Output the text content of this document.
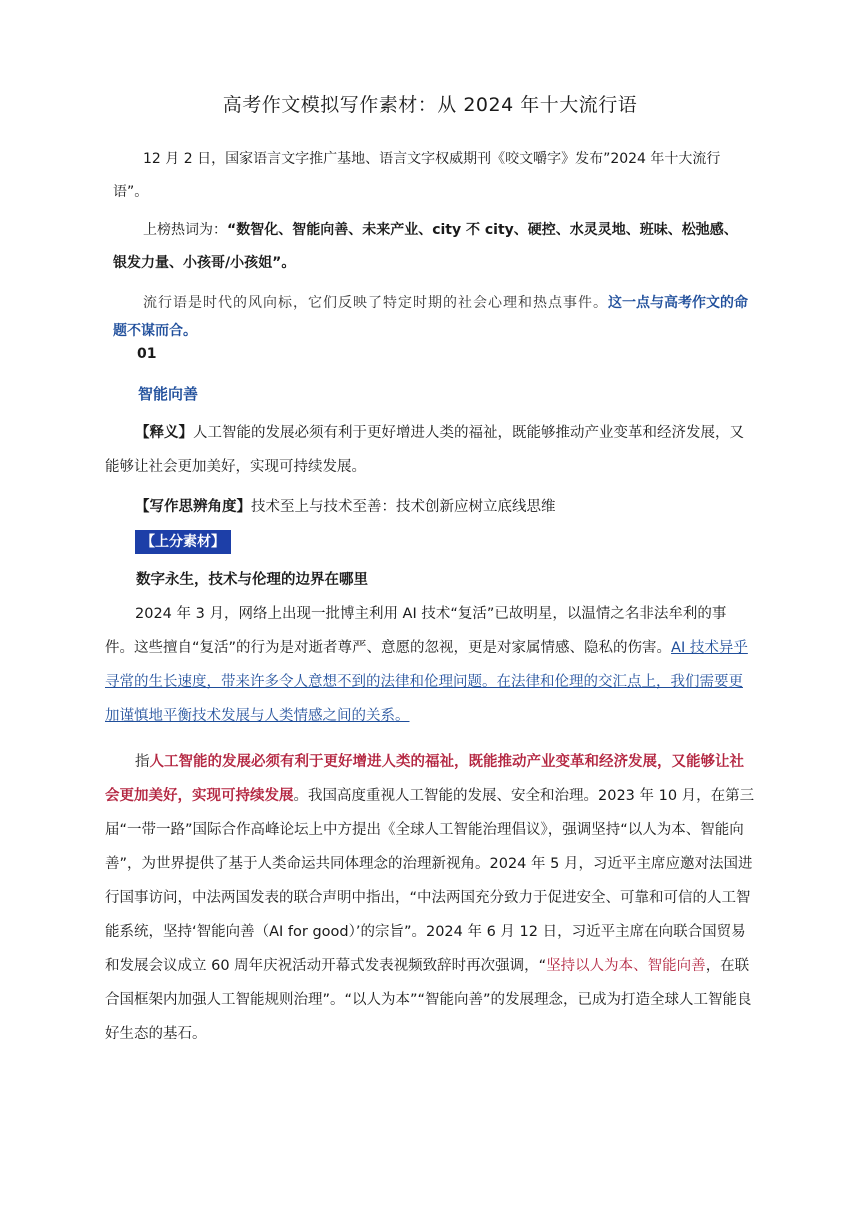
高考作文模拟写作素材：从 2024 年十大流行语

12 月 2 日，国家语言文字推广基地、语言文字权威期刊《咬文嚼字》发布”2024 年十大流行语”。

上榜热词为：“数智化、智能向善、未来产业、city 不 city、硬控、水灵灵地、班味、松弛感、银发力量、小孩哥/小孩姐”。

流行语是时代的风向标，它们反映了特定时期的社会心理和热点事件。这一点与高考作文的命题不谋而合。

01
智能向善

【释义】人工智能的发展必须有利于更好增进人类的福祉，既能够推动产业变革和经济发展，又能够让社会更加美好，实现可持续发展。

【写作思辨角度】技术至上与技术至善：技术创新应树立底线思维

【上分素材】
数字永生，技术与伦理的边界在哪里

2024 年 3 月，网络上出现一批博主利用 AI 技术“复活”已故明星，以温情之名非法牟利的事件。这些擅自“复活”的行为是对逝者尊严、意愿的忽视，更是对家属情感、隐私的伤害。AI 技术异乎寻常的生长速度，带来许多令人意想不到的法律和伦理问题。在法律和伦理的交汇点上，我们需要更加谨慎地平衡技术发展与人类情感之间的关系。

指人工智能的发展必须有利于更好增进人类的福祉，既能推动产业变革和经济发展，又能够让社会更加美好，实现可持续发展。我国高度重视人工智能的发展、安全和治理。2023 年 10 月，在第三届“一带一路”国际合作高峰论坛上中方提出《全球人工智能治理倡议》，强调坚持“以人为本、智能向善”，为世界提供了基于人类命运共同体理念的治理新视角。2024 年 5 月，习近平主席应邀对法国进行国事访问，中法两国发表的联合声明中指出，“中法两国充分致力于促进安全、可靠和可信的人工智能系统，坚持‘智能向善（AI for good）’的宗旨”。2024 年 6 月 12 日，习近平主席在向联合国贸易和发展会议成立 60 周年庆祝活动开幕式发表视频致辞时再次强调，“坚持以人为本、智能向善，在联合国框架内加强人工智能规则治理”。“以人为本”“智能向善”的发展理念，已成为打造全球人工智能良好生态的基石。
